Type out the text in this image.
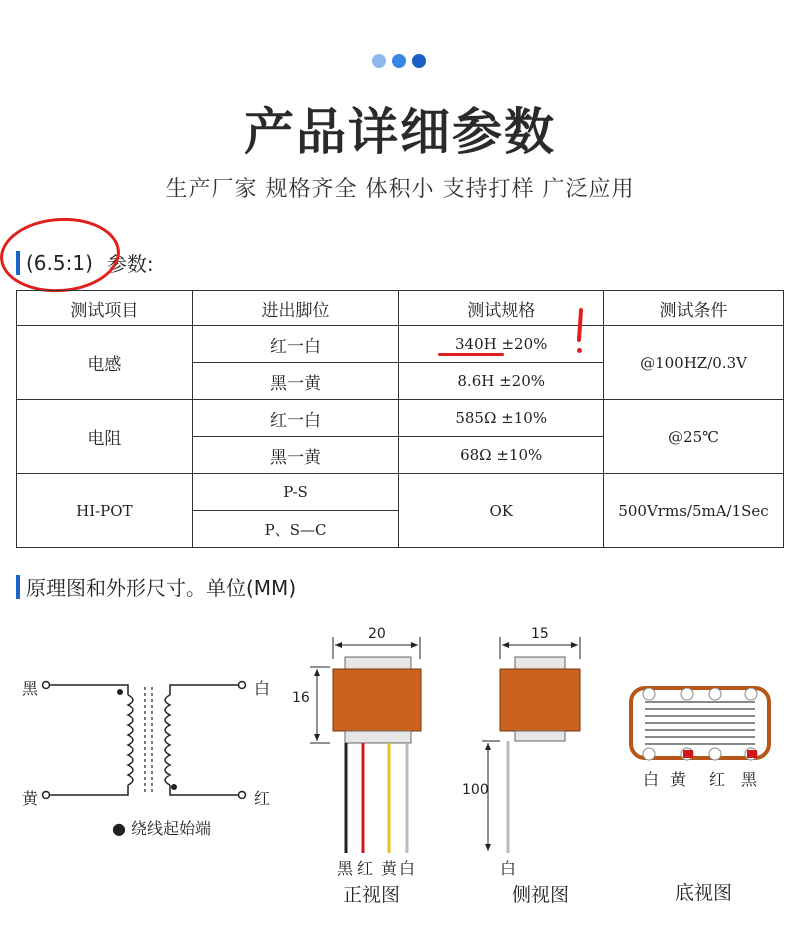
产品详细参数
生产厂家 规格齐全 体积小 支持打样 广泛应用
(6.5:1) 参数:
测试项目	进出脚位	测试规格	测试条件
电感	红一白	340H ±20%	@100HZ/0.3V
	黑一黄	8.6H ±20%	
电阻	红一白	585Ω ±10%	@25℃
	黑一黄	68Ω ±10%	
HI-POT	P-S	OK	500Vrms/5mA/1Sec
	P、S—C		
原理图和外形尺寸。单位(MM)
黑
黄
白
红
● 绕线起始端
20
16
黑 红 黄 白
正视图
15
100
白
侧视图
白 黄 红 黑
底视图
